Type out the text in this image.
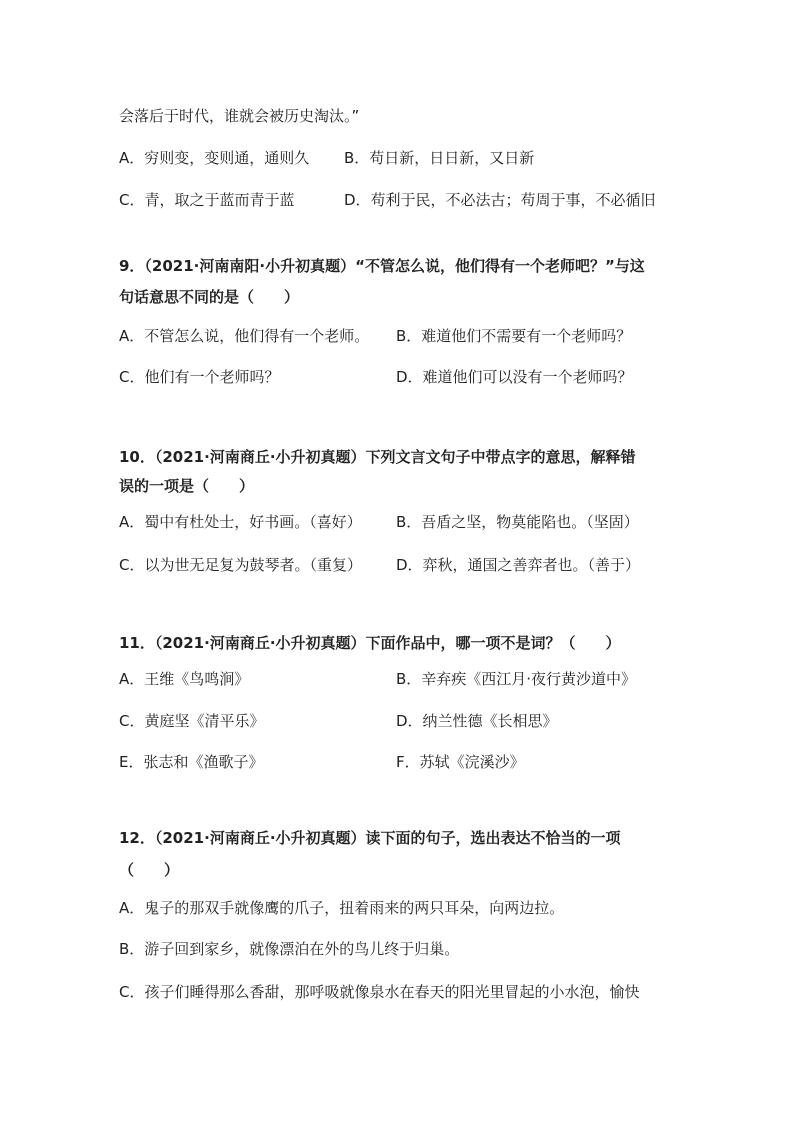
会落后于时代，谁就会被历史淘汰。”
A．穷则变，变则通，通则久 B．苟日新，日日新，又日新
C．青，取之于蓝而青于蓝	D．苟利于民，不必法古；苟周于事，不必循旧
9．（2021·河南南阳·小升初真题）“不管怎么说，他们得有一个老师吧？”与这
句话意思不同的是（　　）
A．不管怎么说，他们得有一个老师。 B．难道他们不需要有一个老师吗？
C．他们有一个老师吗？	D．难道他们可以没有一个老师吗？
10．（2021·河南商丘·小升初真题）下列文言文句子中带点字的意思，解释错
误的一项是（　　）
A．蜀中有杜处士，好书画。（喜好） B．吾盾之坚，物莫能陷也。（坚固）
C．以为世无足复为鼓琴者。（重复） D．弈秋，通国之善弈者也。（善于）
11．（2021·河南商丘·小升初真题）下面作品中，哪一项不是词？（　　）
A．王维《鸟鸣涧》	B．辛弃疾《西江月·夜行黄沙道中》
C．黄庭坚《清平乐》	D．纳兰性德《长相思》
E．张志和《渔歌子》	F．苏轼《浣溪沙》
12．（2021·河南商丘·小升初真题）读下面的句子，选出表达不恰当的一项
（　　）
A．鬼子的那双手就像鹰的爪子，扭着雨来的两只耳朵，向两边拉。
B．游子回到家乡，就像漂泊在外的鸟儿终于归巢。
C．孩子们睡得那么香甜，那呼吸就像泉水在春天的阳光里冒起的小水泡，愉快
